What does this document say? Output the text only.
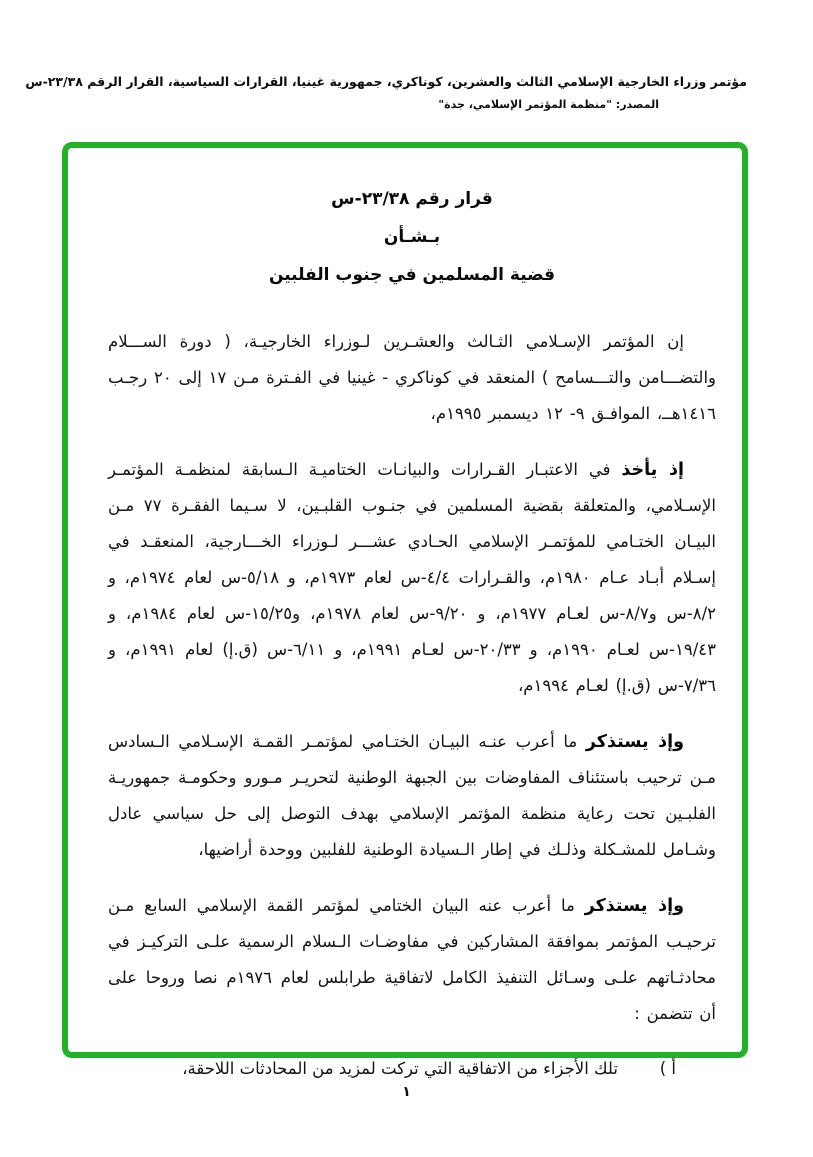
مؤتمر وزراء الخارجية الإسلامي الثالث والعشرين، كوناكري، جمهورية غينيا، القرارات السياسية، القرار الرقم ٢٣/٣٨-س
المصدر: "منظمة المؤتمر الإسلامي، جدة"
قرار رقم ٢٣/٣٨-س
بـشـأن
قضية المسلمين في جنوب الفلبين

إن المؤتمر الإسـلامي الثـالث والعشـرين لـوزراء الخارجيـة، ( دورة الســـلام والتضـــامن والتـــسامح ) المنعقد في كوناكري - غينيا في الفـترة مـن ١٧ إلى ٢٠ رجـب ١٤١٦هــ، الموافـق ٩- ١٢ ديسمبر ١٩٩٥م،

إذ يأخذ في الاعتبـار القـرارات والبيانـات الختاميـة الـسابقة لمنظمـة المؤتمـر الإسـلامي، والمتعلقة بقضية المسلمين في جنـوب القلبـين، لا سـيما الفقـرة ٧٧ مـن البيـان الختـامي للمؤتمـر الإسلامي الحـادي عشـــر لـوزراء الخـــارجية، المنعقـد في إسـلام أبـاد عـام ١٩٨٠م، والقـرارات ٤/٤-س لعام ١٩٧٣م، و ٥/١٨-س لعام ١٩٧٤م، و ٨/٢-س و٨/٧-س لعـام ١٩٧٧م، و ٩/٢٠-س لعام ١٩٧٨م، و١٥/٢٥-س لعام ١٩٨٤م، و ١٩/٤٣-س لعـام ١٩٩٠م، و ٢٠/٣٣-س لعـام ١٩٩١م، و ٦/١١-س (ق.إ) لعام ١٩٩١م، و ٧/٣٦-س (ق.إ) لعـام ١٩٩٤م،

وإذ يستذكر ما أعرب عنـه البيـان الختـامي لمؤتمـر القمـة الإسـلامي الـسادس مـن ترحيب باستئناف المفاوضات بين الجبهة الوطنية لتحريـر مـورو وحكومـة جمهوريـة الفلبـين تحت رعاية منظمة المؤتمر الإسلامي بهدف التوصل إلى حل سياسي عادل وشـامل للمشـكلة وذلـك في إطار الـسيادة الوطنية للفلبين ووحدة أراضيها،

وإذ يستذكر ما أعرب عنه البيان الختامي لمؤتمر القمة الإسلامي السابع مـن ترحيـب المؤتمر بموافقة المشاركين في مفاوضـات الـسلام الرسمية علـى التركيـز في محادثـاتهم علـى وسـائل التنفيذ الكامل لاتفاقية طرابلس لعام ١٩٧٦م نصا وروحا على أن تتضمن :

أ )
تلك الأجزاء من الاتفاقية التي تركت لمزيد من المحادثات اللاحقة،
١
